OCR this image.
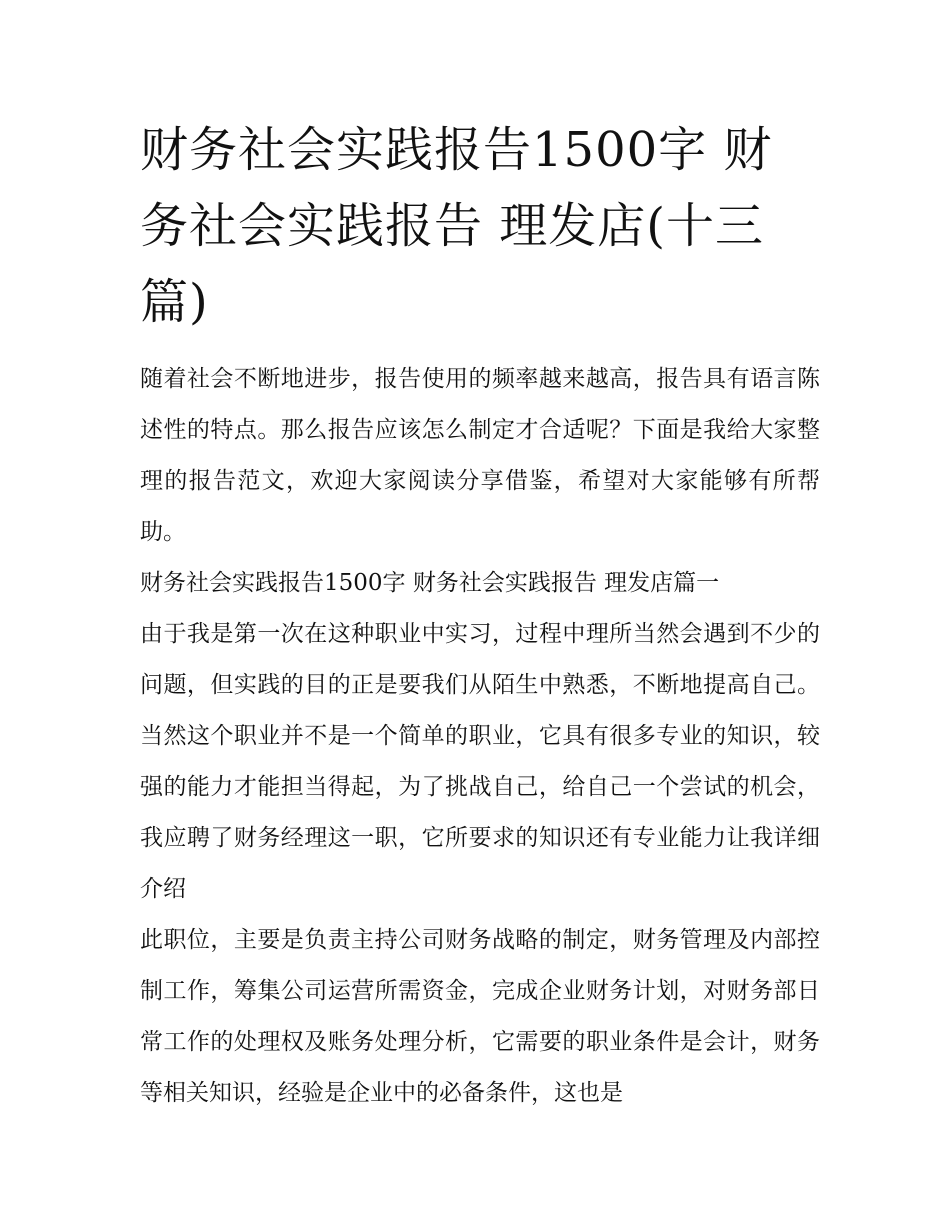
财务社会实践报告1500字 财务社会实践报告 理发店(十三篇)

随着社会不断地进步，报告使用的频率越来越高，报告具有语言陈述性的特点。那么报告应该怎么制定才合适呢？下面是我给大家整理的报告范文，欢迎大家阅读分享借鉴，希望对大家能够有所帮助。

财务社会实践报告1500字 财务社会实践报告 理发店篇一

由于我是第一次在这种职业中实习，过程中理所当然会遇到不少的问题，但实践的目的正是要我们从陌生中熟悉，不断地提高自己。当然这个职业并不是一个简单的职业，它具有很多专业的知识，较强的能力才能担当得起，为了挑战自己，给自己一个尝试的机会，我应聘了财务经理这一职，它所要求的知识还有专业能力让我详细介绍

此职位，主要是负责主持公司财务战略的制定，财务管理及内部控制工作，筹集公司运营所需资金，完成企业财务计划，对财务部日常工作的处理权及账务处理分析，它需要的职业条件是会计，财务等相关知识，经验是企业中的必备条件，这也是
